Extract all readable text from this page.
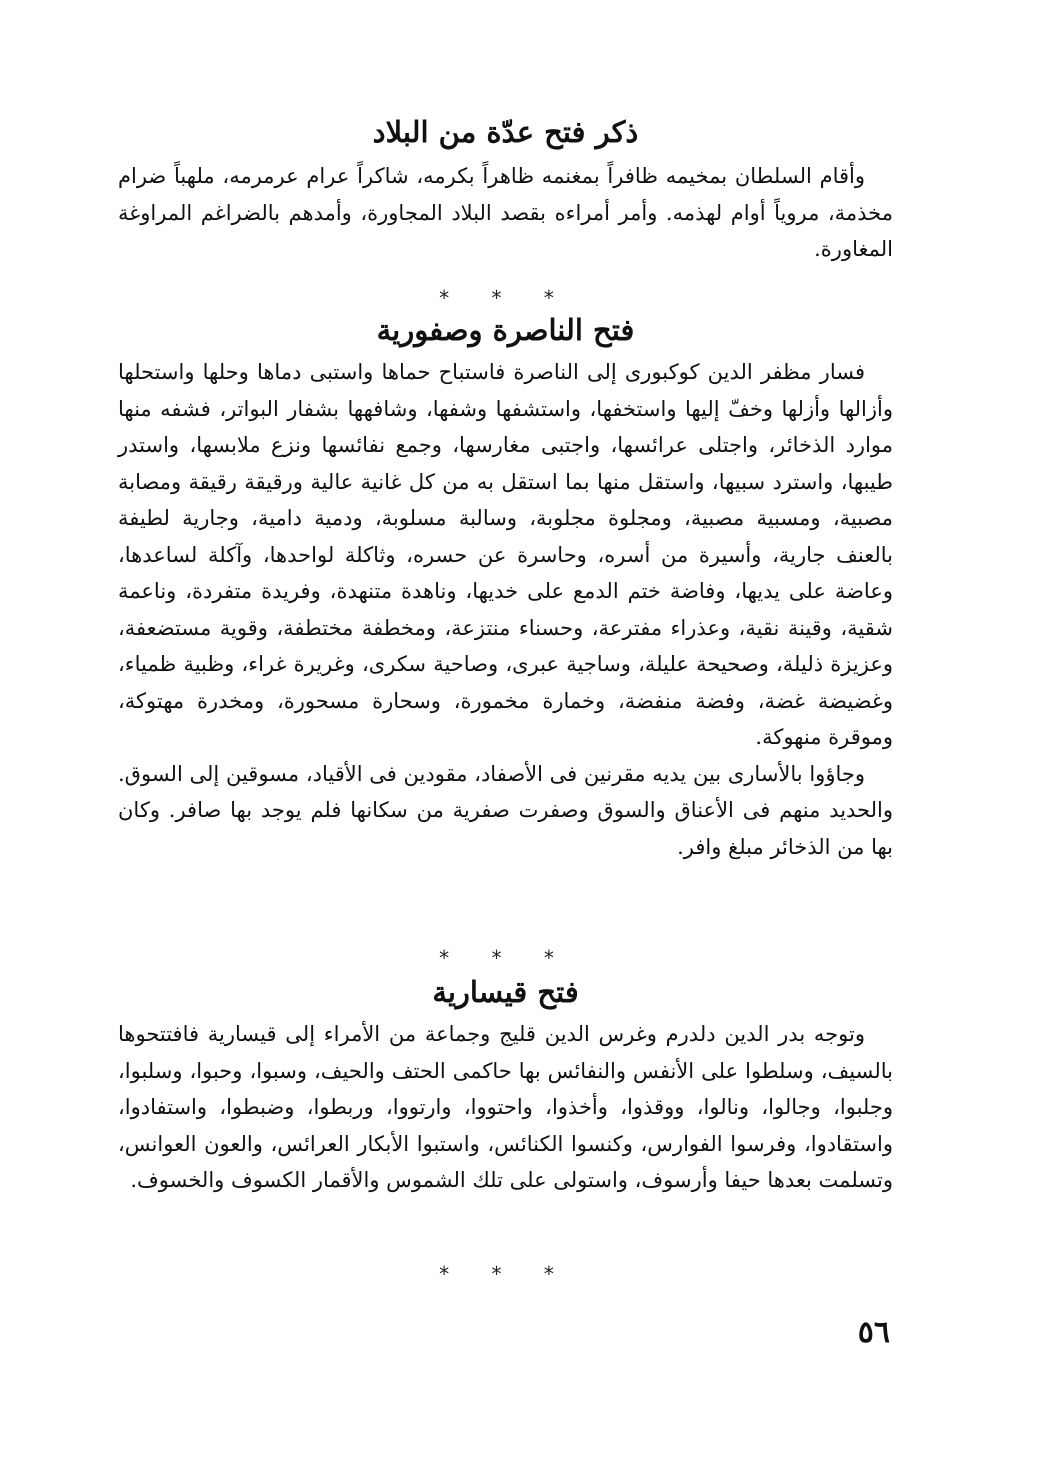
ذكر فتح عدّة من البلاد

وأقام السلطان بمخيمه ظافراً بمغنمه ظاهراً بكرمه، شاكراً عرام عرمرمه، ملهباً ضرام مخذمة، مروياً أوام لهذمه. وأمر أمراءه بقصد البلاد المجاورة، وأمدهم بالضراغم المراوغة المغاورة.

* * *
فتح الناصرة وصفورية

فسار مظفر الدين كوكبورى إلى الناصرة فاستباح حماها واستبى دماها وحلها واستحلها وأزالها وأزلها وخفّ إليها واستخفها، واستشفها وشفها، وشافهها بشفار البواتر، فشفه منها موارد الذخائر، واجتلى عرائسها، واجتبى مغارسها، وجمع نفائسها ونزع ملابسها، واستدر طيبها، واسترد سبيها، واستقل منها بما استقل به من كل غانية عالية ورقيقة رقيقة ومصابة مصبية، ومسبية مصبية، ومجلوة مجلوبة، وسالبة مسلوبة، ودمية دامية، وجارية لطيفة بالعنف جارية، وأسيرة من أسره، وحاسرة عن حسره، وثاكلة لواحدها، وآكلة لساعدها، وعاضة على يديها، وفاضة ختم الدمع على خديها، وناهدة متنهدة، وفريدة متفردة، وناعمة شقية، وقينة نقية، وعذراء مفترعة، وحسناء منتزعة، ومخطفة مختطفة، وقوية مستضعفة، وعزيزة ذليلة، وصحيحة عليلة، وساجية عبرى، وصاحية سكرى، وغريرة غراء، وظبية ظمياء، وغضيضة غضة، وفضة منفضة، وخمارة مخمورة، وسحارة مسحورة، ومخدرة مهتوكة، وموقرة منهوكة.

وجاؤوا بالأسارى بين يديه مقرنين فى الأصفاد، مقودين فى الأقياد، مسوقين إلى السوق. والحديد منهم فى الأعناق والسوق وصفرت صفرية من سكانها فلم يوجد بها صافر. وكان بها من الذخائر مبلغ وافر.

* * *
فتح قيسارية

وتوجه بدر الدين دلدرم وغرس الدين قليج وجماعة من الأمراء إلى قيسارية فافتتحوها بالسيف، وسلطوا على الأنفس والنفائس بها حاكمى الحتف والحيف، وسبوا، وحبوا، وسلبوا، وجلبوا، وجالوا، ونالوا، ووقذوا، وأخذوا، واحتووا، وارتووا، وربطوا، وضبطوا، واستفادوا، واستقادوا، وفرسوا الفوارس، وكنسوا الكنائس، واستبوا الأبكار العرائس، والعون العوانس، وتسلمت بعدها حيفا وأرسوف، واستولى على تلك الشموس والأقمار الكسوف والخسوف.

* * *
٥٦
